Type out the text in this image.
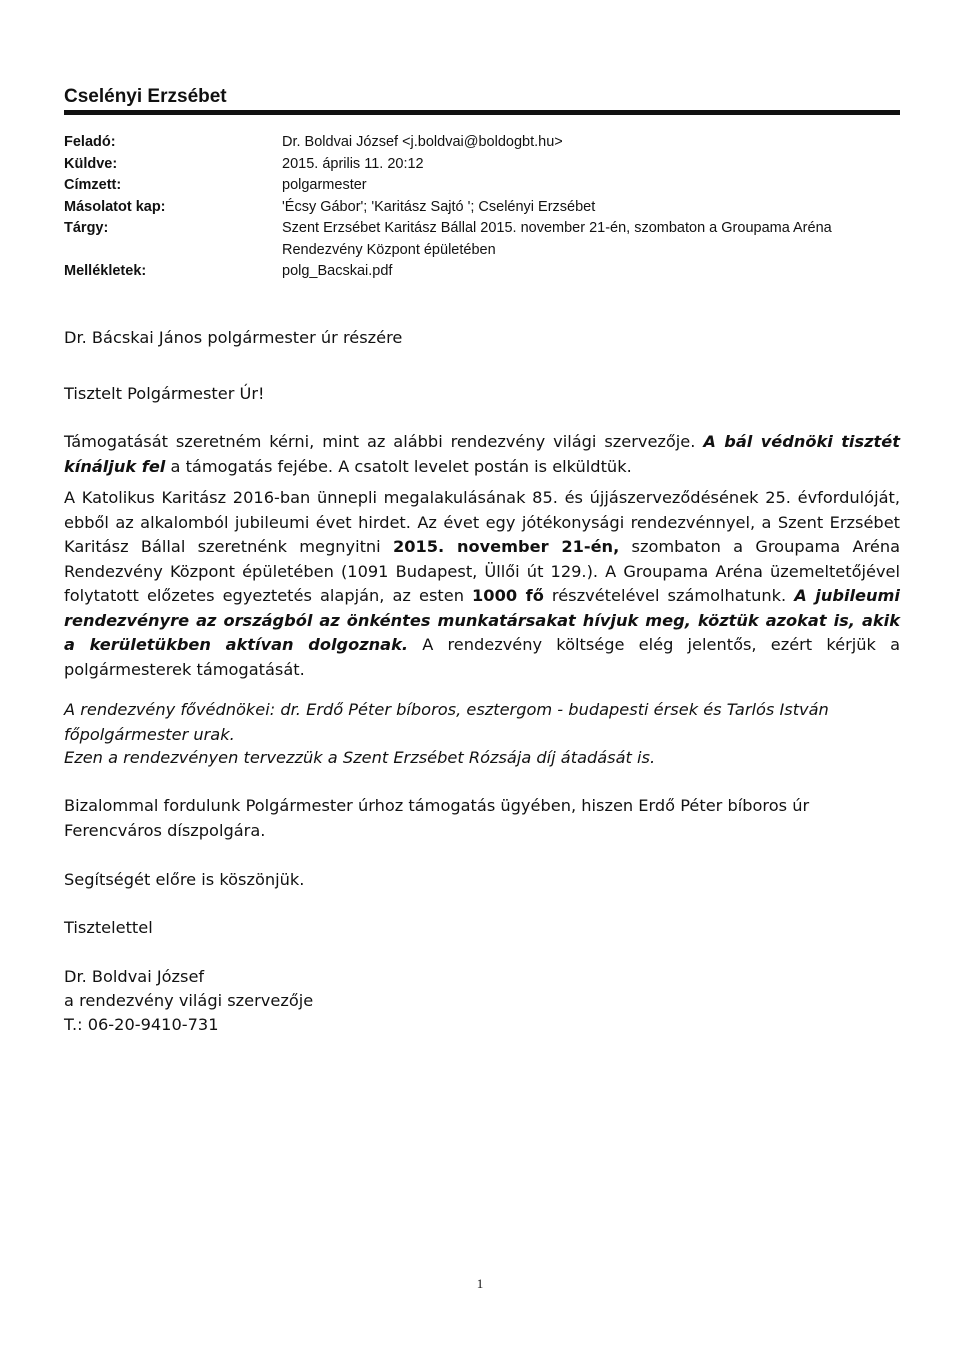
Cselényi Erzsébet
Feladó:	Dr. Boldvai József <j.boldvai@boldogbt.hu>
Küldve:	2015. április 11. 20:12
Címzett:	polgarmester
Másolatot kap:	'Écsy Gábor'; 'Karitász Sajtó '; Cselényi Erzsébet
Tárgy:	Szent Erzsébet Karitász Bállal 2015. november 21-én, szombaton a Groupama Aréna Rendezvény Központ épületében
Mellékletek:	polg_Bacskai.pdf

Dr. Bácskai János polgármester úr részére

Tisztelt Polgármester Úr!

Támogatását szeretném kérni, mint az alábbi rendezvény világi szervezője. A bál védnöki tisztét kínáljuk fel a támogatás fejébe. A csatolt levelet postán is elküldtük.

A Katolikus Karitász 2016-ban ünnepli megalakulásának 85. és újjászerveződésének 25. évfordulóját, ebből az alkalomból jubileumi évet hirdet. Az évet egy jótékonysági rendezvénnyel, a Szent Erzsébet Karitász Bállal szeretnénk megnyitni 2015. november 21-én, szombaton a Groupama Aréna Rendezvény Központ épületében (1091 Budapest, Üllői út 129.). A Groupama Aréna üzemeltetőjével folytatott előzetes egyeztetés alapján, az esten 1000 fő részvételével számolhatunk. A jubileumi rendezvényre az országból az önkéntes munkatársakat hívjuk meg, köztük azokat is, akik a kerületükben aktívan dolgoznak. A rendezvény költsége elég jelentős, ezért kérjük a polgármesterek támogatását.

A rendezvény fővédnökei: dr. Erdő Péter bíboros, esztergom - budapesti érsek és Tarlós István főpolgármester urak.

Ezen a rendezvényen tervezzük a Szent Erzsébet Rózsája díj átadását is.

Bizalommal fordulunk Polgármester úrhoz támogatás ügyében, hiszen Erdő Péter bíboros úr Ferencváros díszpolgára.

Segítségét előre is köszönjük.

Tisztelettel

Dr. Boldvai József

a rendezvény világi szervezője

T.: 06-20-9410-731

1
